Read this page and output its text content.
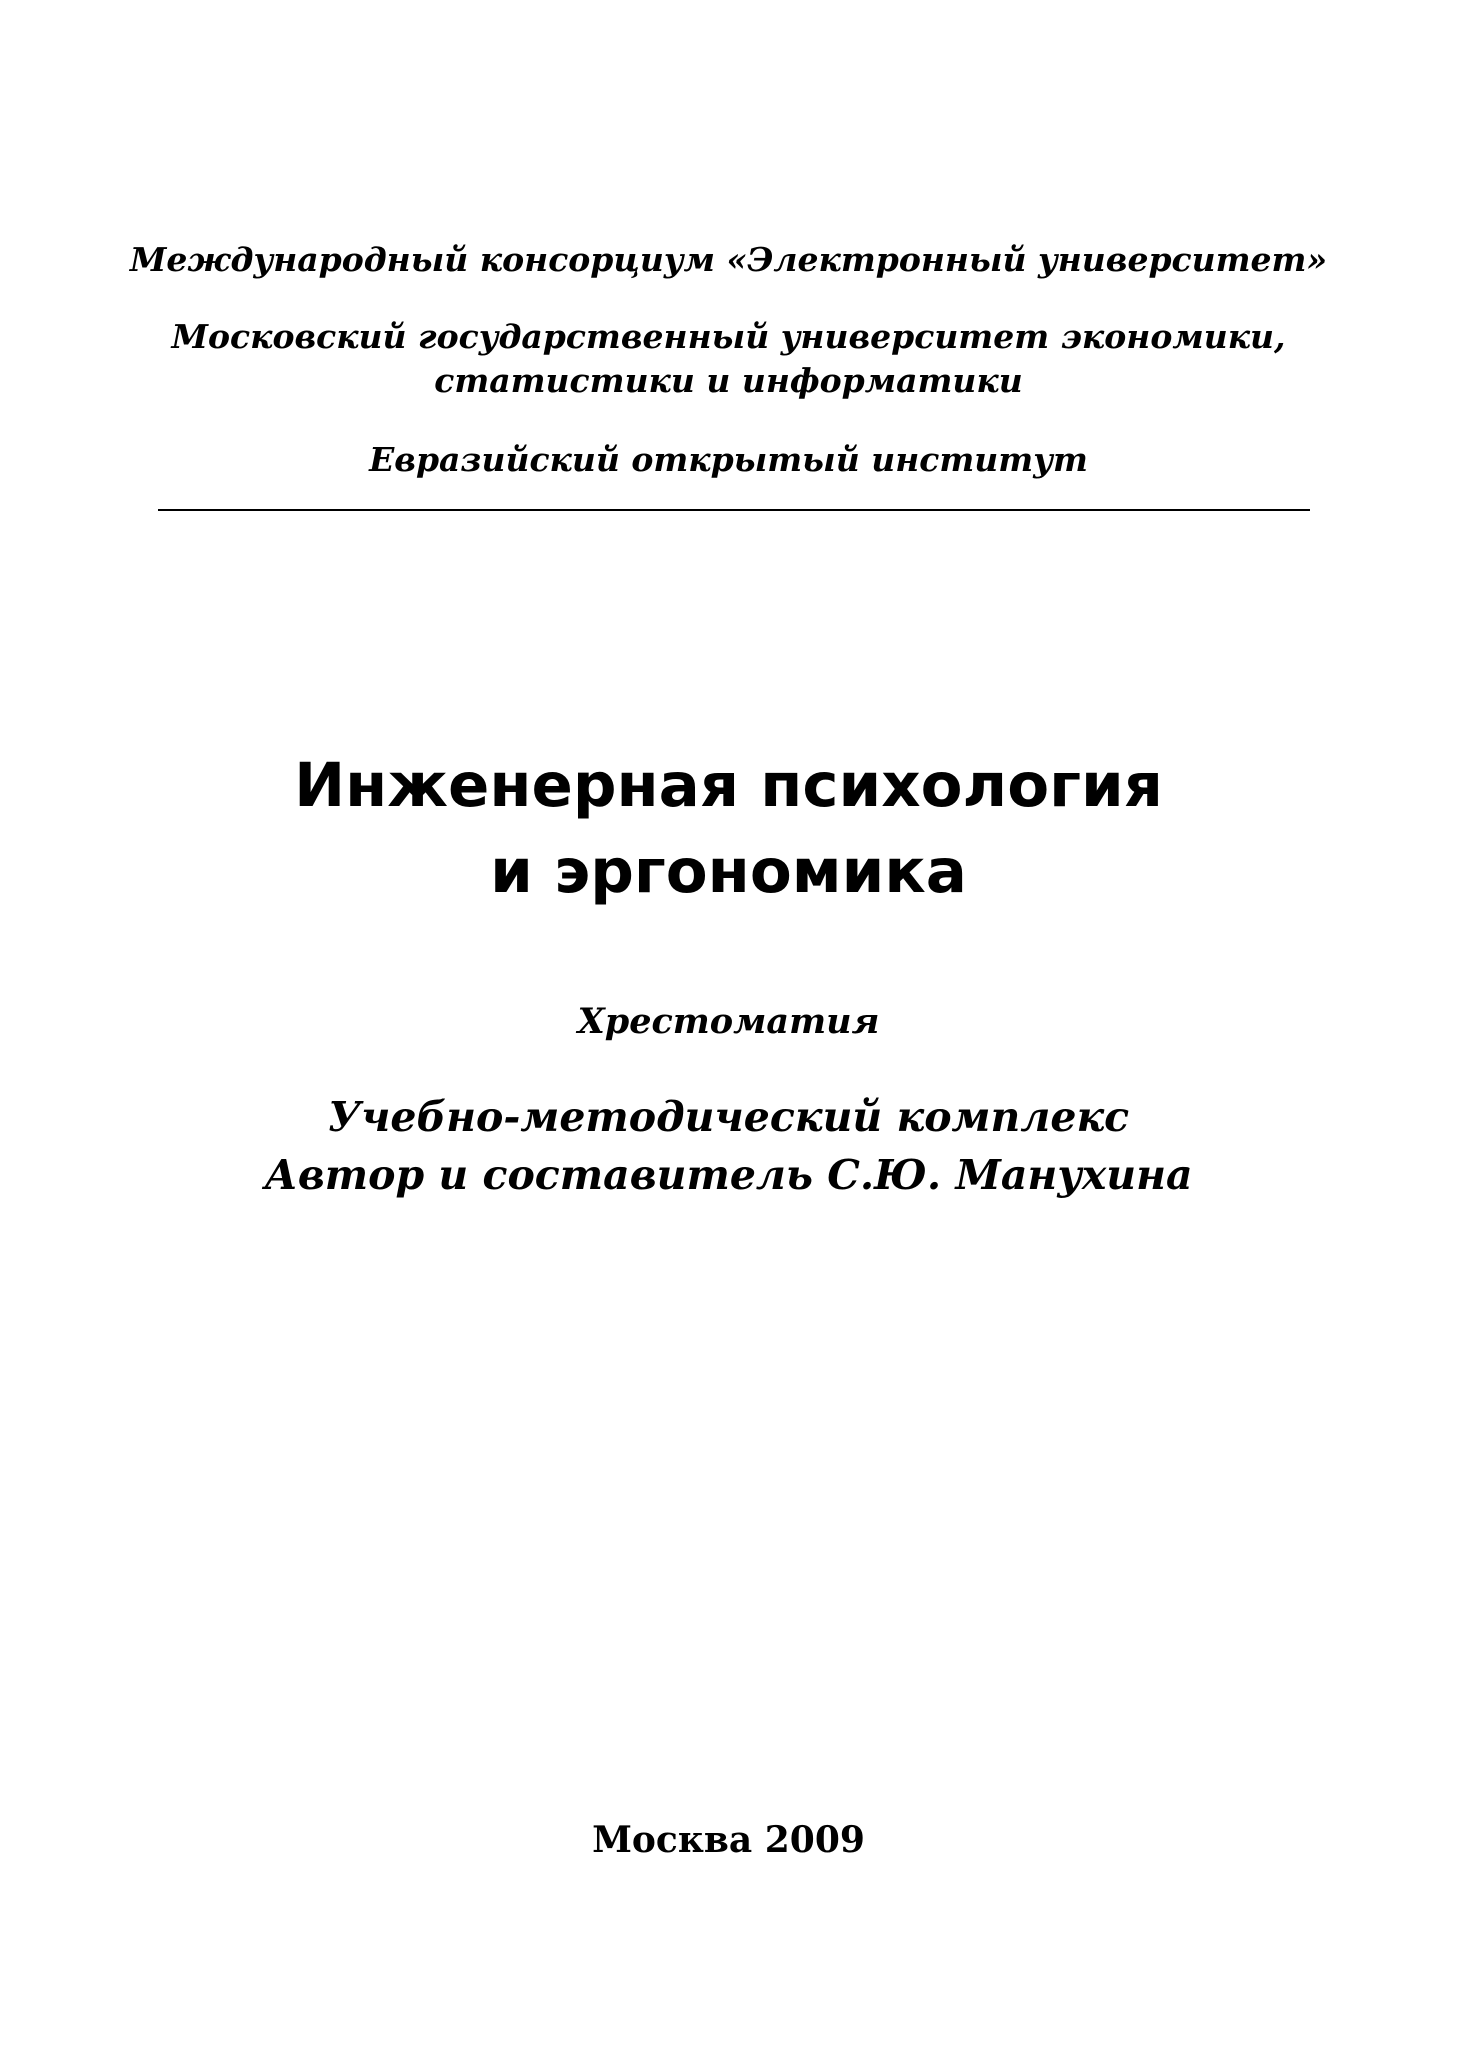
Международный консорциум «Электронный университет»
Московский государственный университет экономики,
статистики и информатики
Евразийский открытый институт
Инженерная психология
и эргономика
Хрестоматия
Учебно-методический комплекс
Автор и составитель С.Ю. Манухина
Москва 2009
